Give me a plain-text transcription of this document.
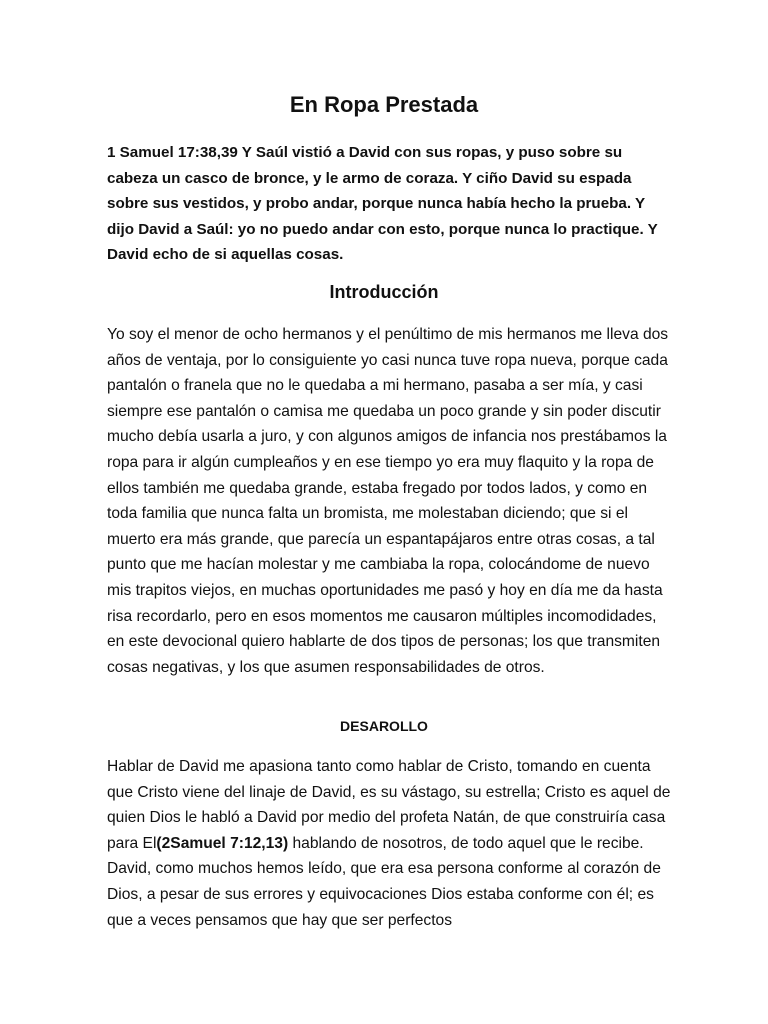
En Ropa Prestada

1 Samuel 17:38,39 Y Saúl vistió a David con sus ropas, y puso sobre su cabeza un casco de bronce, y le armo de coraza. Y ciño David su espada sobre sus vestidos, y probo andar, porque nunca había hecho la prueba. Y dijo David a Saúl: yo no puedo andar con esto, porque nunca lo practique. Y David echo de si aquellas cosas.

Introducción

Yo soy el menor de ocho hermanos y el penúltimo de mis hermanos me lleva dos años de ventaja, por lo consiguiente yo casi nunca tuve ropa nueva, porque cada pantalón o franela que no le quedaba a mi hermano, pasaba a ser mía, y casi siempre ese pantalón o camisa me quedaba un poco grande y sin poder discutir mucho debía usarla a juro, y con algunos amigos de infancia nos prestábamos la ropa para ir algún cumpleaños y en ese tiempo yo era muy flaquito y la ropa de ellos también me quedaba grande, estaba fregado por todos lados, y como en toda familia que nunca falta un bromista, me molestaban diciendo; que si el muerto era más grande, que parecía un espantapájaros entre otras cosas, a tal punto que me hacían molestar y me cambiaba la ropa, colocándome de nuevo mis trapitos viejos, en muchas oportunidades me pasó y hoy en día me da hasta risa recordarlo, pero en esos momentos me causaron múltiples incomodidades, en este devocional quiero hablarte de dos tipos de personas; los que transmiten cosas negativas, y los que asumen responsabilidades de otros.

DESAROLLO

Hablar de David me apasiona tanto como hablar de Cristo, tomando en cuenta que Cristo viene del linaje de David, es su vástago, su estrella; Cristo es aquel de quien Dios le habló a David por medio del profeta Natán, de que construiría casa para El(2Samuel 7:12,13) hablando de nosotros, de todo aquel que le recibe. David, como muchos hemos leído, que era esa persona conforme al corazón de Dios, a pesar de sus errores y equivocaciones Dios estaba conforme con él; es que a veces pensamos que hay que ser perfectos
